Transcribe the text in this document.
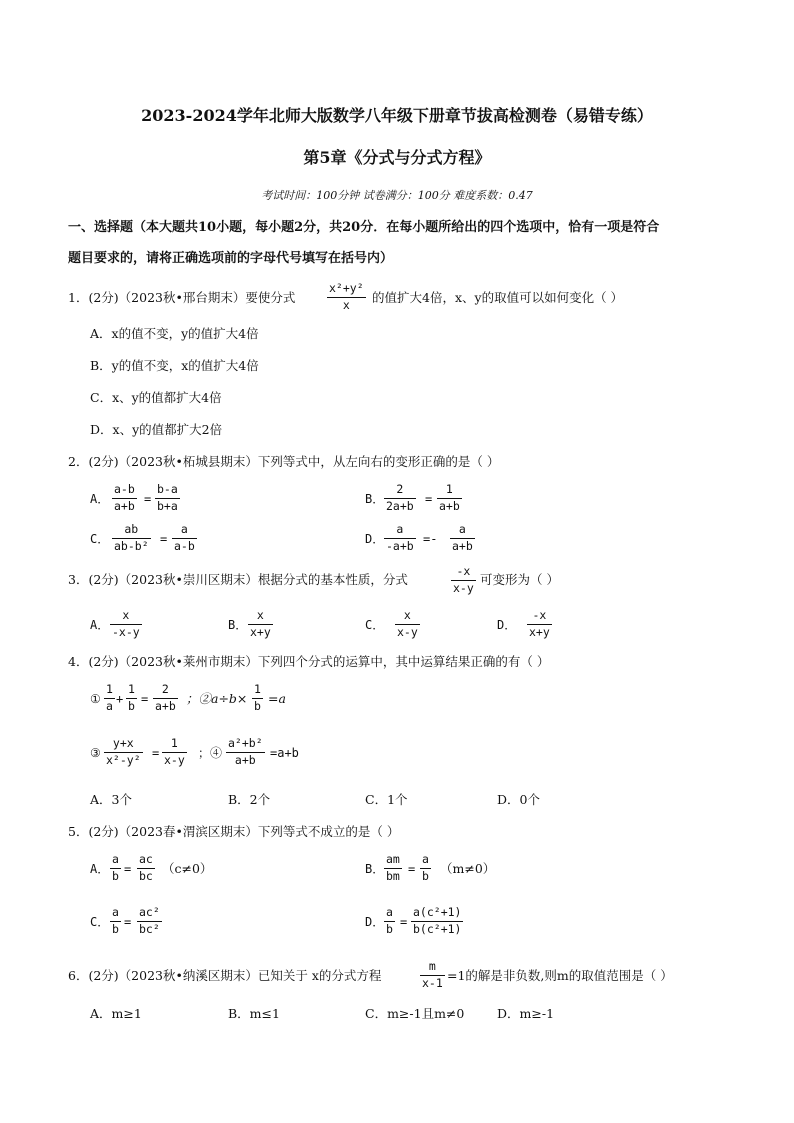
2023-2024学年北师大版数学八年级下册章节拔高检测卷（易错专练）
第5章《分式与分式方程》
考试时间：100分钟 试卷满分：100分 难度系数：0.47
一、选择题（本大题共10小题，每小题2分，共20分．在每小题所给出的四个选项中，恰有一项是符合
题目要求的，请将正确选项前的字母代号填写在括号内）
1．(2分)（2023秋•邢台期末）要使分式	$\frac{\text{x²+y²}}{x}$ 的值扩大4倍，x、y的取值可以如何变化（ ）
A．x的值不变，y的值扩大4倍
B．y的值不变，x的值扩大4倍
C．x、y的值都扩大4倍
D．x、y的值都扩大2倍
2．(2分)（2023秋•柘城县期末）下列等式中，从左向右的变形正确的是（ ）
A． $\frac{a-b}{a+b} = \frac{b-a}{b+a}$	B． $\frac{2}{2a+b} = \frac{1}{a+b}$
C． $\frac{ab}{\text{ab-b²}} = \frac{a}{a-b}$	D． $\frac{a}{-a+b} =- \frac{a}{a+b}$
3．(2分)（2023秋•崇川区期末）根据分式的基本性质，分式	$\frac{-x}{x-y}$ 可变形为（ ）
A． $\frac{x}{-x-y}$	B． $\frac{x}{x+y}$	C． $\frac{x}{x-y}$	D． $\frac{-x}{x+y}$
4．(2分)（2023秋•莱州市期末）下列四个分式的运算中，其中运算结果正确的有（ ）
① $\frac{1}{a} + \frac{1}{b} = \frac{2}{a+b}$ ；②a÷b× $\frac{1}{b} =a$
③ $\frac{y+x}{\text{x²-y²}} = \frac{1}{x-y}$ ；④ $\frac{\text{a²+b²}}{a+b} =a+b$
A．3个	B．2个	C．1个	D．0个
5．(2分)（2023春•渭滨区期末）下列等式不成立的是（ ）
A． $\frac{a}{b} = \frac{ac}{bc} (c\ne 0)$	B． $\frac{am}{bm} = \frac{a}{b} (m\ne 0)$
C． $\frac{a}{b} = \frac{\text{ac²}}{\text{bc²}}$	D． $\frac{a}{b} = \frac{\text{a(c²+1)}}{\text{b(c²+1)}}$
6．(2分)（2023秋•纳溪区期末）已知关于 x的分式方程	$\frac{m}{x-1} =1$的解是非负数,则m的取值范围是（ ）
A．m≥1	B．m≤1	C．m≥-1且m≠0	D．m≥-1
